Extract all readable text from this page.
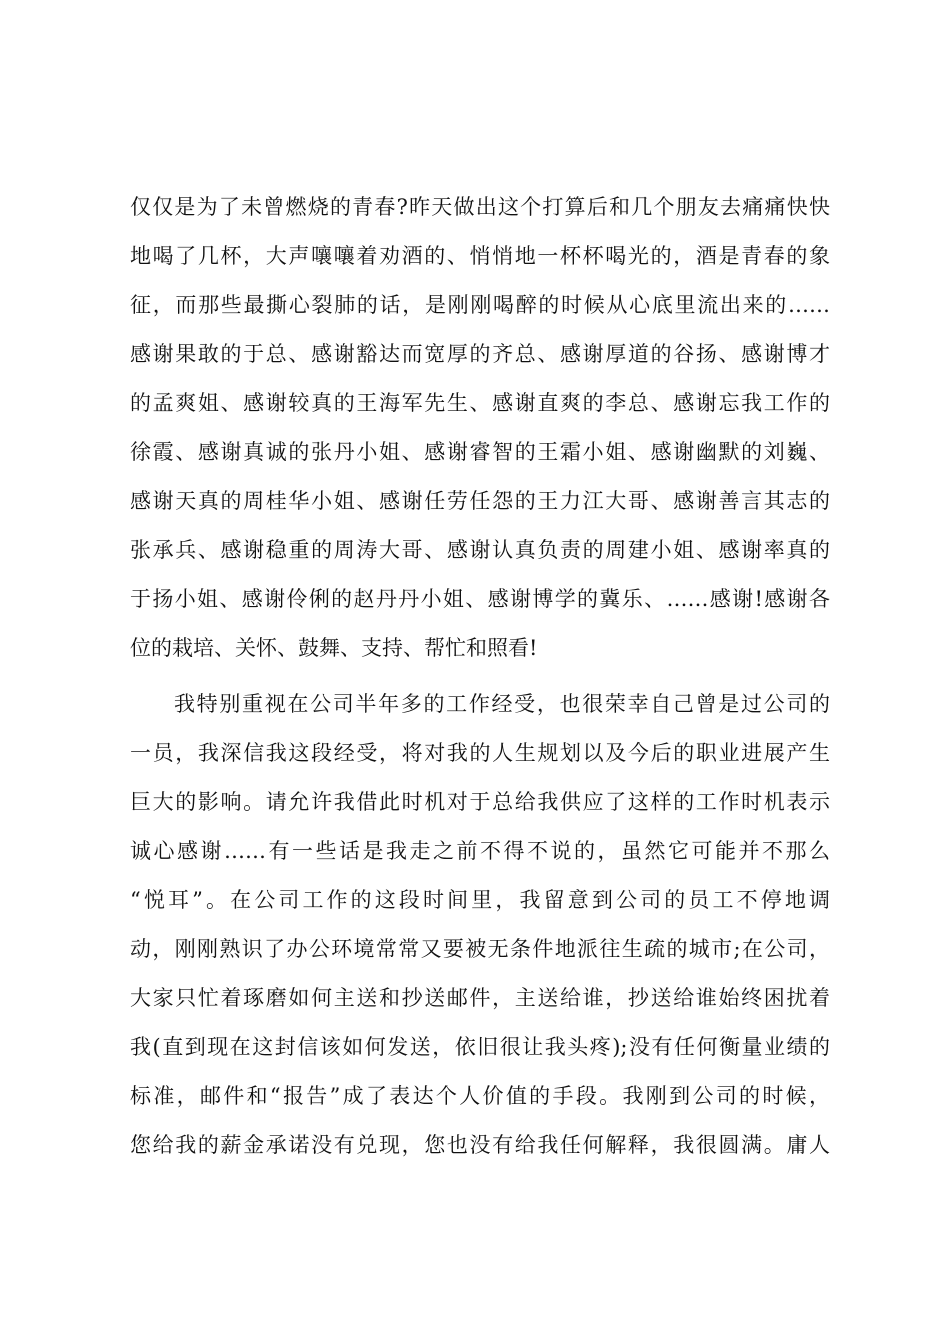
仅仅是为了未曾燃烧的青春?昨天做出这个打算后和几个朋友去痛痛快快
地喝了几杯，大声嚷嚷着劝酒的、悄悄地一杯杯喝光的，酒是青春的象
征，而那些最撕心裂肺的话，是刚刚喝醉的时候从心底里流出来的……
感谢果敢的于总、感谢豁达而宽厚的齐总、感谢厚道的谷扬、感谢博才
的孟爽姐、感谢较真的王海军先生、感谢直爽的李总、感谢忘我工作的
徐霞、感谢真诚的张丹小姐、感谢睿智的王霜小姐、感谢幽默的刘巍、
感谢天真的周桂华小姐、感谢任劳任怨的王力江大哥、感谢善言其志的
张承兵、感谢稳重的周涛大哥、感谢认真负责的周建小姐、感谢率真的
于扬小姐、感谢伶俐的赵丹丹小姐、感谢博学的冀乐、……感谢!感谢各
位的栽培、关怀、鼓舞、支持、帮忙和照看!
我特别重视在公司半年多的工作经受，也很荣幸自己曾是过公司的
一员，我深信我这段经受，将对我的人生规划以及今后的职业进展产生
巨大的影响。请允许我借此时机对于总给我供应了这样的工作时机表示
诚心感谢……有一些话是我走之前不得不说的，虽然它可能并不那么
“悦耳”。在公司工作的这段时间里，我留意到公司的员工不停地调
动，刚刚熟识了办公环境常常又要被无条件地派往生疏的城市;在公司，
大家只忙着琢磨如何主送和抄送邮件，主送给谁，抄送给谁始终困扰着
我(直到现在这封信该如何发送，依旧很让我头疼);没有任何衡量业绩的
标准，邮件和“报告”成了表达个人价值的手段。我刚到公司的时候，
您给我的薪金承诺没有兑现，您也没有给我任何解释，我很圆满。庸人
